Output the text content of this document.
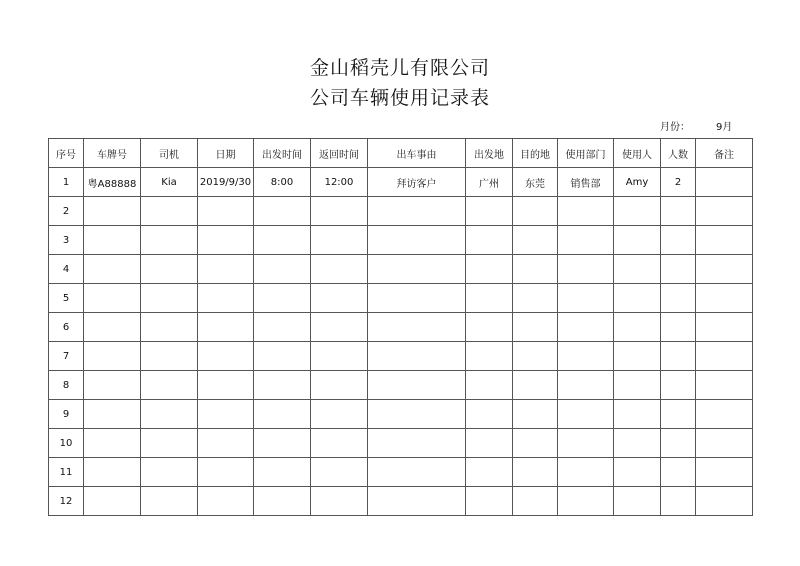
金山稻壳儿有限公司
公司车辆使用记录表
月份：	9月
序号	车牌号	司机	日期	出发时间	返回时间	出车事由	出发地	目的地	使用部门	使用人	人数	备注
1	粤A88888	Kia	2019/9/30	8:00	12:00	拜访客户	广州	东莞	销售部	Amy	2	
2												
3												
4												
5												
6												
7												
8												
9												
10												
11												
12												
